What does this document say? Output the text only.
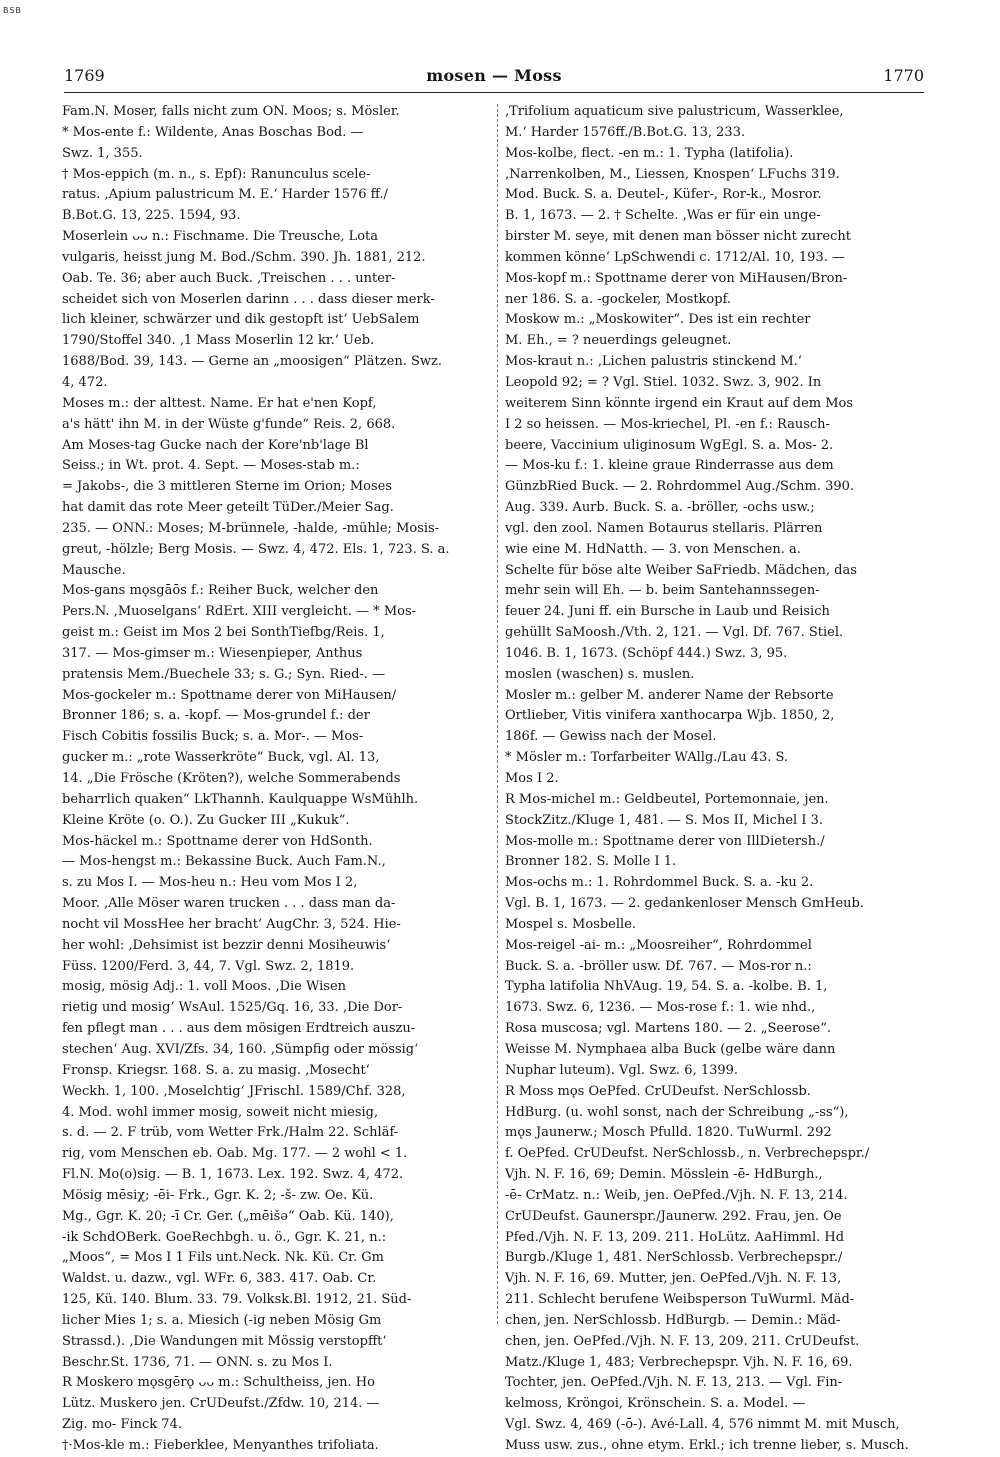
BSB
1769	mosen — Moss	1770
Fam.N. Moser, falls nicht zum ON. Moos; s. Mösler.
* Mos-ente f.: Wildente, Anas Boschas Bod. —
Swz. 1, 355.
† Mos-eppich (m. n., s. Epf): Ranunculus scele-
ratus. ‚Apium palustricum M. E.‘ Harder 1576 ff./
B.Bot.G. 13, 225. 1594, 93.
Moserlein ᴗᴗ n.: Fischname. Die Treusche, Lota
vulgaris, heisst jung M. Bod./Schm. 390. Jh. 1881, 212.
Oab. Te. 36; aber auch Buck. ‚Treischen . . . unter-
scheidet sich von Moserlen darinn . . . dass dieser merk-
lich kleiner, schwärzer und dik gestopft ist‘ UebSalem
1790/Stoffel 340. ‚1 Mass Moserlin 12 kr.‘ Ueb.
1688/Bod. 39, 143. — Gerne an „moosigen“ Plätzen. Swz.
4, 472.
Moses m.: der alttest. Name. Er hat e'nen Kopf,
a's hätt' ihn M. in der Wüste g'funde“ Reis. 2, 668.
Am Moses-tag Gucke nach der Kore'nb'lage Bl
Seiss.; in Wt. prot. 4. Sept. — Moses-stab m.:
= Jakobs-, die 3 mittleren Sterne im Orion; Moses
hat damit das rote Meer geteilt TüDer./Meier Sag.
235. — ONN.: Moses; M-brünnele, -halde, -mühle; Mosis-
greut, -hölzle; Berg Mosis. — Swz. 4, 472. Els. 1, 723. S. a.
Mausche.
Mos-gans mǫsgāōs f.: Reiher Buck, welcher den
Pers.N. ‚Muoselgans‘ RdErt. XIII vergleicht. — * Mos-
geist m.: Geist im Mos 2 bei SonthTiefbg/Reis. 1,
317. — Mos-gimser m.: Wiesenpieper, Anthus
pratensis Mem./Buechele 33; s. G.; Syn. Ried-. —
Mos-gockeler m.: Spottname derer von MiHausen/
Bronner 186; s. a. -kopf. — Mos-grundel f.: der
Fisch Cobitis fossilis Buck; s. a. Mor-. — Mos-
gucker m.: „rote Wasserkröte“ Buck, vgl. Al. 13,
14. „Die Frösche (Kröten?), welche Sommerabends
beharrlich quaken“ LkThannh. Kaulquappe WsMühlh.
Kleine Kröte (o. O.). Zu Gucker III „Kukuk“.
Mos-häckel m.: Spottname derer von HdSonth.
— Mos-hengst m.: Bekassine Buck. Auch Fam.N.,
s. zu Mos I. — Mos-heu n.: Heu vom Mos I 2,
Moor. ‚Alle Möser waren trucken . . . dass man da-
nocht vil MossHee her bracht‘ AugChr. 3, 524. Hie-
her wohl: ‚Dehsimist ist bezzir denni Mosiheuwis‘
Füss. 1200/Ferd. 3, 44, 7. Vgl. Swz. 2, 1819.
mosig, mösig Adj.: 1. voll Moos. ‚Die Wisen
rietig und mosig‘ WsAul. 1525/Gq. 16, 33. ‚Die Dor-
fen pflegt man . . . aus dem mösigen Erdtreich auszu-
stechen‘ Aug. XVI/Zfs. 34, 160. ‚Sümpfig oder mössig‘
Fronsp. Kriegsr. 168. S. a. zu masig. ‚Mosecht‘
Weckh. 1, 100. ‚Moselchtig‘ JFrischl. 1589/Chf. 328,
4. Mod. wohl immer mosig, soweit nicht miesig,
s. d. — 2. F trüb, vom Wetter Frk./Halm 22. Schläf-
rig, vom Menschen eb. Oab. Mg. 177. — 2 wohl < 1.
Fl.N. Mo(o)sig. — B. 1, 1673. Lex. 192. Swz. 4, 472.
Mösig mēsiχ; -ēi- Frk., Ggr. K. 2; -š- zw. Oe. Kü.
Mg., Ggr. K. 20; -ī Cr. Ger. („mēišə“ Oab. Kü. 140),
-ik SchdOBerk. GoeRechbgh. u. ö., Ggr. K. 21, n.:
„Moos“, = Mos I 1 Fils unt.Neck. Nk. Kü. Cr. Gm
Waldst. u. dazw., vgl. WFr. 6, 383. 417. Oab. Cr.
125, Kü. 140. Blum. 33. 79. Volksk.Bl. 1912, 21. Süd-
licher Mies 1; s. a. Miesich (-ig neben Mösig Gm
Strassd.). ‚Die Wandungen mit Mössig verstopfft‘
Beschr.St. 1736, 71. — ONN. s. zu Mos I.
R Moskero mǫsgērǫ ᴗᴗ m.: Schultheiss, jen. Ho
Lütz. Muskero jen. CrUDeufst./Zfdw. 10, 214. —
Zig. mo- Finck 74.
†·Mos-kle m.: Fieberklee, Menyanthes trifoliata.
‚Trifolium aquaticum sive palustricum, Wasserklee,
M.‘ Harder 1576ff./B.Bot.G. 13, 233.
Mos-kolbe, flect. -en m.: 1. Typha (latifolia).
‚Narrenkolben, M., Liessen, Knospen‘ LFuchs 319.
Mod. Buck. S. a. Deutel-, Küfer-, Ror-k., Mosror.
B. 1, 1673. — 2. † Schelte. ‚Was er für ein unge-
birster M. seye, mit denen man bösser nicht zurecht
kommen könne‘ LpSchwendi c. 1712/Al. 10, 193. —
Mos-kopf m.: Spottname derer von MiHausen/Bron-
ner 186. S. a. -gockeler, Mostkopf.
Moskow m.: „Moskowiter“. Des ist ein rechter
M. Eh., = ? neuerdings geleugnet.
Mos-kraut n.: ‚Lichen palustris stinckend M.‘
Leopold 92; = ? Vgl. Stiel. 1032. Swz. 3, 902. In
weiterem Sinn könnte irgend ein Kraut auf dem Mos
I 2 so heissen. — Mos-kriechel, Pl. -en f.: Rausch-
beere, Vaccinium uliginosum WgEgl. S. a. Mos- 2.
— Mos-ku f.: 1. kleine graue Rinderrasse aus dem
GünzbRied Buck. — 2. Rohrdommel Aug./Schm. 390.
Aug. 339. Aurb. Buck. S. a. -bröller, -ochs usw.;
vgl. den zool. Namen Botaurus stellaris. Plärren
wie eine M. HdNatth. — 3. von Menschen. a.
Schelte für böse alte Weiber SaFriedb. Mädchen, das
mehr sein will Eh. — b. beim Santehannssegen-
feuer 24. Juni ff. ein Bursche in Laub und Reisich
gehüllt SaMoosh./Vth. 2, 121. — Vgl. Df. 767. Stiel.
1046. B. 1, 1673. (Schöpf 444.) Swz. 3, 95.
moslen (waschen) s. muslen.
Mosler m.: gelber M. anderer Name der Rebsorte
Ortlieber, Vitis vinifera xanthocarpa Wjb. 1850, 2,
186f. — Gewiss nach der Mosel.
* Mösler m.: Torfarbeiter WAllg./Lau 43. S.
Mos I 2.
R Mos-michel m.: Geldbeutel, Portemonnaie, jen.
StockZitz./Kluge 1, 481. — S. Mos II, Michel I 3.
Mos-molle m.: Spottname derer von IllDietersh./
Bronner 182. S. Molle I 1.
Mos-ochs m.: 1. Rohrdommel Buck. S. a. -ku 2.
Vgl. B. 1, 1673. — 2. gedankenloser Mensch GmHeub.
Mospel s. Mosbelle.
Mos-reigel -ai- m.: „Moosreiher“, Rohrdommel
Buck. S. a. -bröller usw. Df. 767. — Mos-ror n.:
Typha latifolia NhVAug. 19, 54. S. a. -kolbe. B. 1,
1673. Swz. 6, 1236. — Mos-rose f.: 1. wie nhd.,
Rosa muscosa; vgl. Martens 180. — 2. „Seerose“.
Weisse M. Nymphaea alba Buck (gelbe wäre dann
Nuphar luteum). Vgl. Swz. 6, 1399.
R Moss mǫs OePfed. CrUDeufst. NerSchlossb.
HdBurg. (u. wohl sonst, nach der Schreibung „-ss“),
mǫs Jaunerw.; Mosch Pfulld. 1820. TuWurml. 292
f. OePfed. CrUDeufst. NerSchlossb., n. Verbrechерspr./
Vjh. N. F. 16, 69; Demin. Mösslein -ē- HdBurgh.,
-ē- CrMatz. n.: Weib, jen. OePfed./Vjh. N. F. 13, 214.
CrUDeufst. Gaunerspr./Jaunerw. 292. Frau, jen. Oe
Pfed./Vjh. N. F. 13, 209. 211. HoLütz. AaHimml. Hd
Burgb./Kluge 1, 481. NerSchlossb. Verbrechерspr./
Vjh. N. F. 16, 69. Mutter, jen. OePfed./Vjh. N. F. 13,
211. Schlecht berufene Weibsperson TuWurml. Mäd-
chen, jen. NerSchlossb. HdBurgb. — Demin.: Mäd-
chen, jen. OePfed./Vjh. N. F. 13, 209. 211. CrUDeufst.
Matz./Kluge 1, 483; Verbrechерspr. Vjh. N. F. 16, 69.
Tochter, jen. OePfed./Vjh. N. F. 13, 213. — Vgl. Fin-
kelmoss, Kröngoi, Krönschein. S. a. Model. —
Vgl. Swz. 4, 469 (-ō-). Avé-Lall. 4, 576 nimmt M. mit Musch,
Muss usw. zus., ohne etym. Erkl.; ich trenne lieber, s. Musch.
